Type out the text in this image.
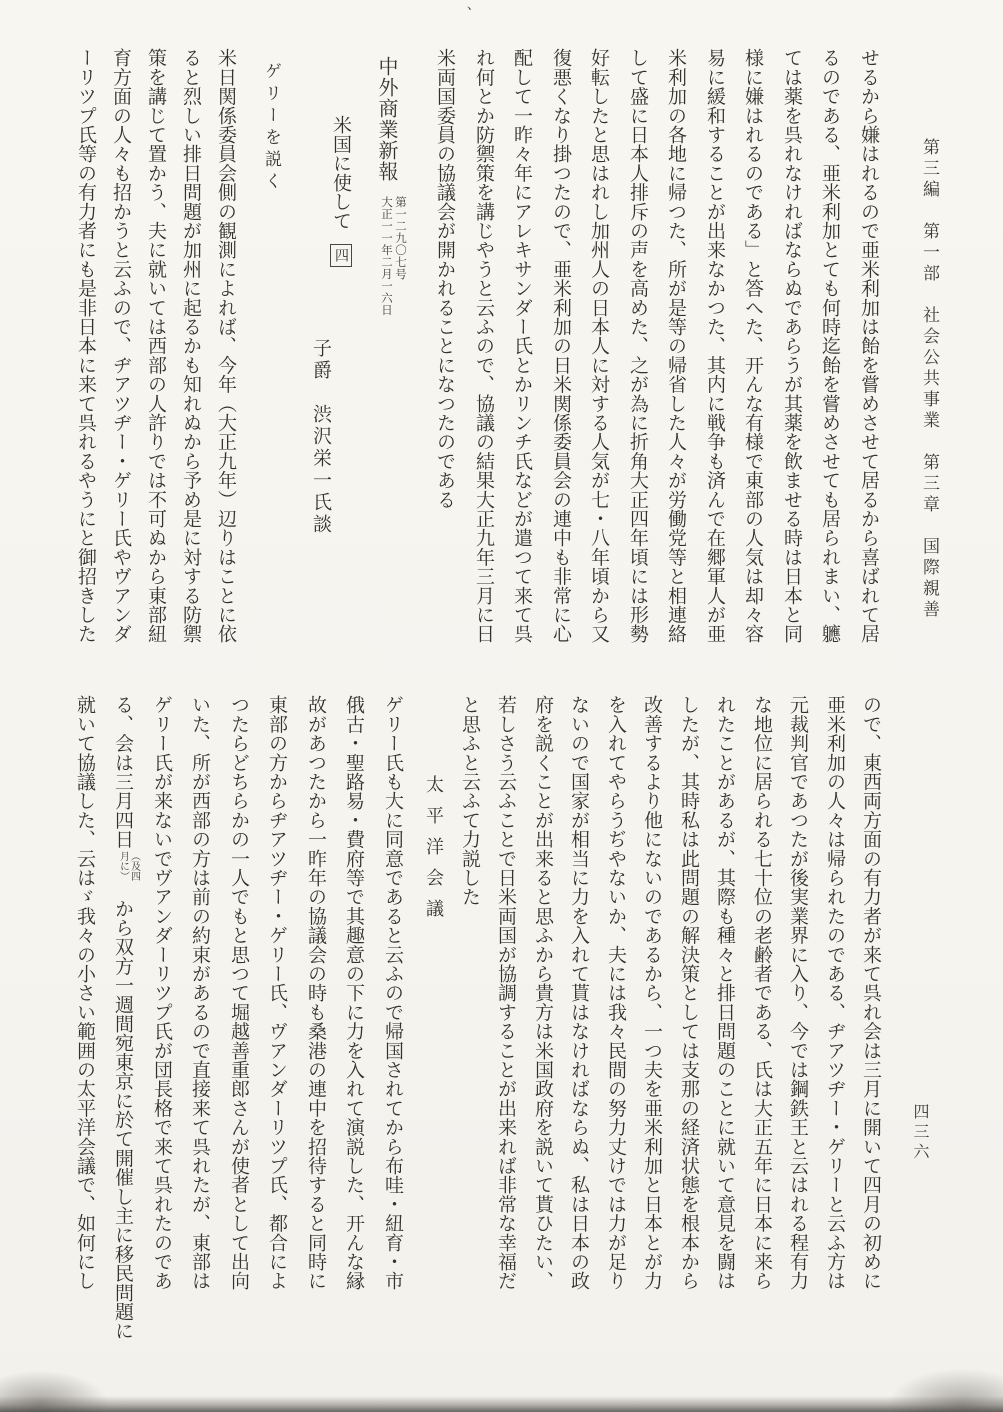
、
第三編　第一部　社会公共事業　第三章　国際親善
四三六
せるから嫌はれるので亜米利加は飴を嘗めさせて居るから喜ばれて居
るのである、亜米利加とても何時迄飴を嘗めさせても居られまい、軈
ては薬を呉れなければならぬであらうが其薬を飲ませる時は日本と同
様に嫌はれるのである」と答へた、开んな有様で東部の人気は却々容
易に緩和することが出来なかつた、其内に戦争も済んで在郷軍人が亜
米利加の各地に帰つた、所が是等の帰省した人々が労働党等と相連絡
して盛に日本人排斥の声を高めた、之が為に折角大正四年頃には形勢
好転したと思はれし加州人の日本人に対する人気が七・八年頃から又
復悪くなり掛つたので、亜米利加の日米関係委員会の連中も非常に心
配して一昨々年にアレキサンダー氏とかリンチ氏などが遣つて来て呉
れ何とか防禦策を講じやうと云ふので、協議の結果大正九年三月に日
米両国委員の協議会が開かれることになつたのである
中外商業新報
第一二九〇七号
大正一一年二月一六日
米国に使して 四
子爵　渋沢栄一氏談
ゲリーを説く
米日関係委員会側の観測によれば、今年（大正九年）辺りはことに依
ると烈しい排日問題が加州に起るかも知れぬから予め是に対する防禦
策を講じて置かう、夫に就いては西部の人許りでは不可ぬから東部紐
育方面の人々も招かうと云ふので、ヂアツヂー・ゲリー氏やヴアンダ
ーリツプ氏等の有力者にも是非日本に来て呉れるやうにと御招きした
ので、東西両方面の有力者が来て呉れ会は三月に開いて四月の初めに
亜米利加の人々は帰られたのである、ヂアツヂー・ゲリーと云ふ方は
元裁判官であつたが後実業界に入り、今では鋼鉄王と云はれる程有力
な地位に居られる七十位の老齢者である、氏は大正五年に日本に来ら
れたことがあるが、其際も種々と排日問題のことに就いて意見を闘は
したが、其時私は此問題の解決策としては支那の経済状態を根本から
改善するより他にないのであるから、一つ夫を亜米利加と日本とが力
を入れてやらうぢやないか、夫には我々民間の努力丈けでは力が足り
ないので国家が相当に力を入れて貰はなければならぬ、私は日本の政
府を説くことが出来ると思ふから貴方は米国政府を説いて貰ひたい、
若しさう云ふことで日米両国が協調することが出来れば非常な幸福だ
と思ふと云ふて力説した
太平洋会議
ゲリー氏も大に同意であると云ふので帰国されてから布哇・紐育・市
俄古・聖路易・費府等で其趣意の下に力を入れて演説した、开んな縁
故があつたから一昨年の協議会の時も桑港の連中を招待すると同時に
東部の方からヂアツヂー・ゲリー氏、ヴアンダーリツプ氏、都合によ
つたらどちらかの一人でもと思つて堀越善重郎さんが使者として出向
いた、所が西部の方は前の約束があるので直接来て呉れたが、東部は
ゲリー氏が来ないでヴアンダーリツプ氏が団長格で来て呉れたのであ
る、会は三月四日
（及四
月に）
から双方一週間宛東京に於て開催し主に移民問題に
就いて協議した、云はゞ我々の小さい範囲の太平洋会議で、如何にし
